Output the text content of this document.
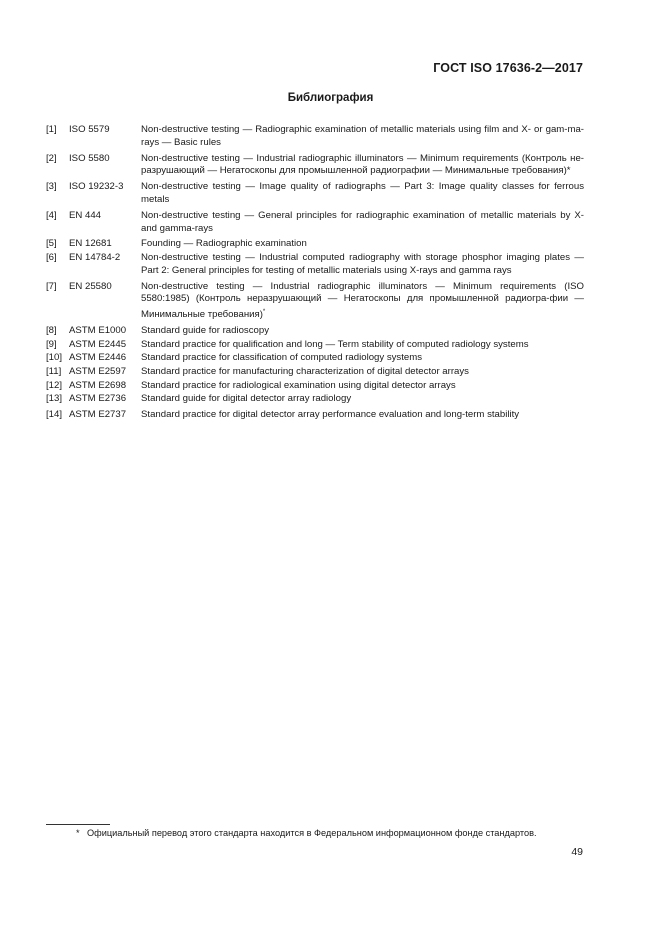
ГОСТ ISO 17636-2—2017
Библиография
[1]	ISO 5579	Non-destructive testing — Radiographic examination of metallic materials using film and X- or gam-ma-rays — Basic rules
[2]	ISO 5580	Non-destructive testing — Industrial radiographic illuminators — Minimum requirements (Контроль не-разрушающий — Негатоскопы для промышленной радиографии — Минимальные требования)*
[3]	ISO 19232-3	Non-destructive testing — Image quality of radiographs — Part 3: Image quality classes for ferrous metals
[4]	EN 444	Non-destructive testing — General principles for radiographic examination of metallic materials by X- and gamma-rays
[5]	EN 12681	Founding — Radiographic examination
[6]	EN 14784-2	Non-destructive testing — Industrial computed radiography with storage phosphor imaging plates — Part 2: General principles for testing of metallic materials using X-rays and gamma rays
[7]	EN 25580	Non-destructive testing — Industrial radiographic illuminators — Minimum requirements (ISO 5580:1985) (Контроль неразрушающий — Негатоскопы для промышленной радиогра-фии — Минимальные требования)*
[8]	ASTM E1000	Standard guide for radioscopy
[9]	ASTM E2445	Standard practice for qualification and long — Term stability of computed radiology systems
[10] ASTM E2446	Standard practice for classification of computed radiology systems
[11] ASTM E2597	Standard practice for manufacturing characterization of digital detector arrays
[12] ASTM E2698	Standard practice for radiological examination using digital detector arrays
[13] ASTM E2736	Standard guide for digital detector array radiology
[14] ASTM E2737	Standard practice for digital detector array performance evaluation and long-term stability
* Официальный перевод этого стандарта находится в Федеральном информационном фонде стандартов.
49
